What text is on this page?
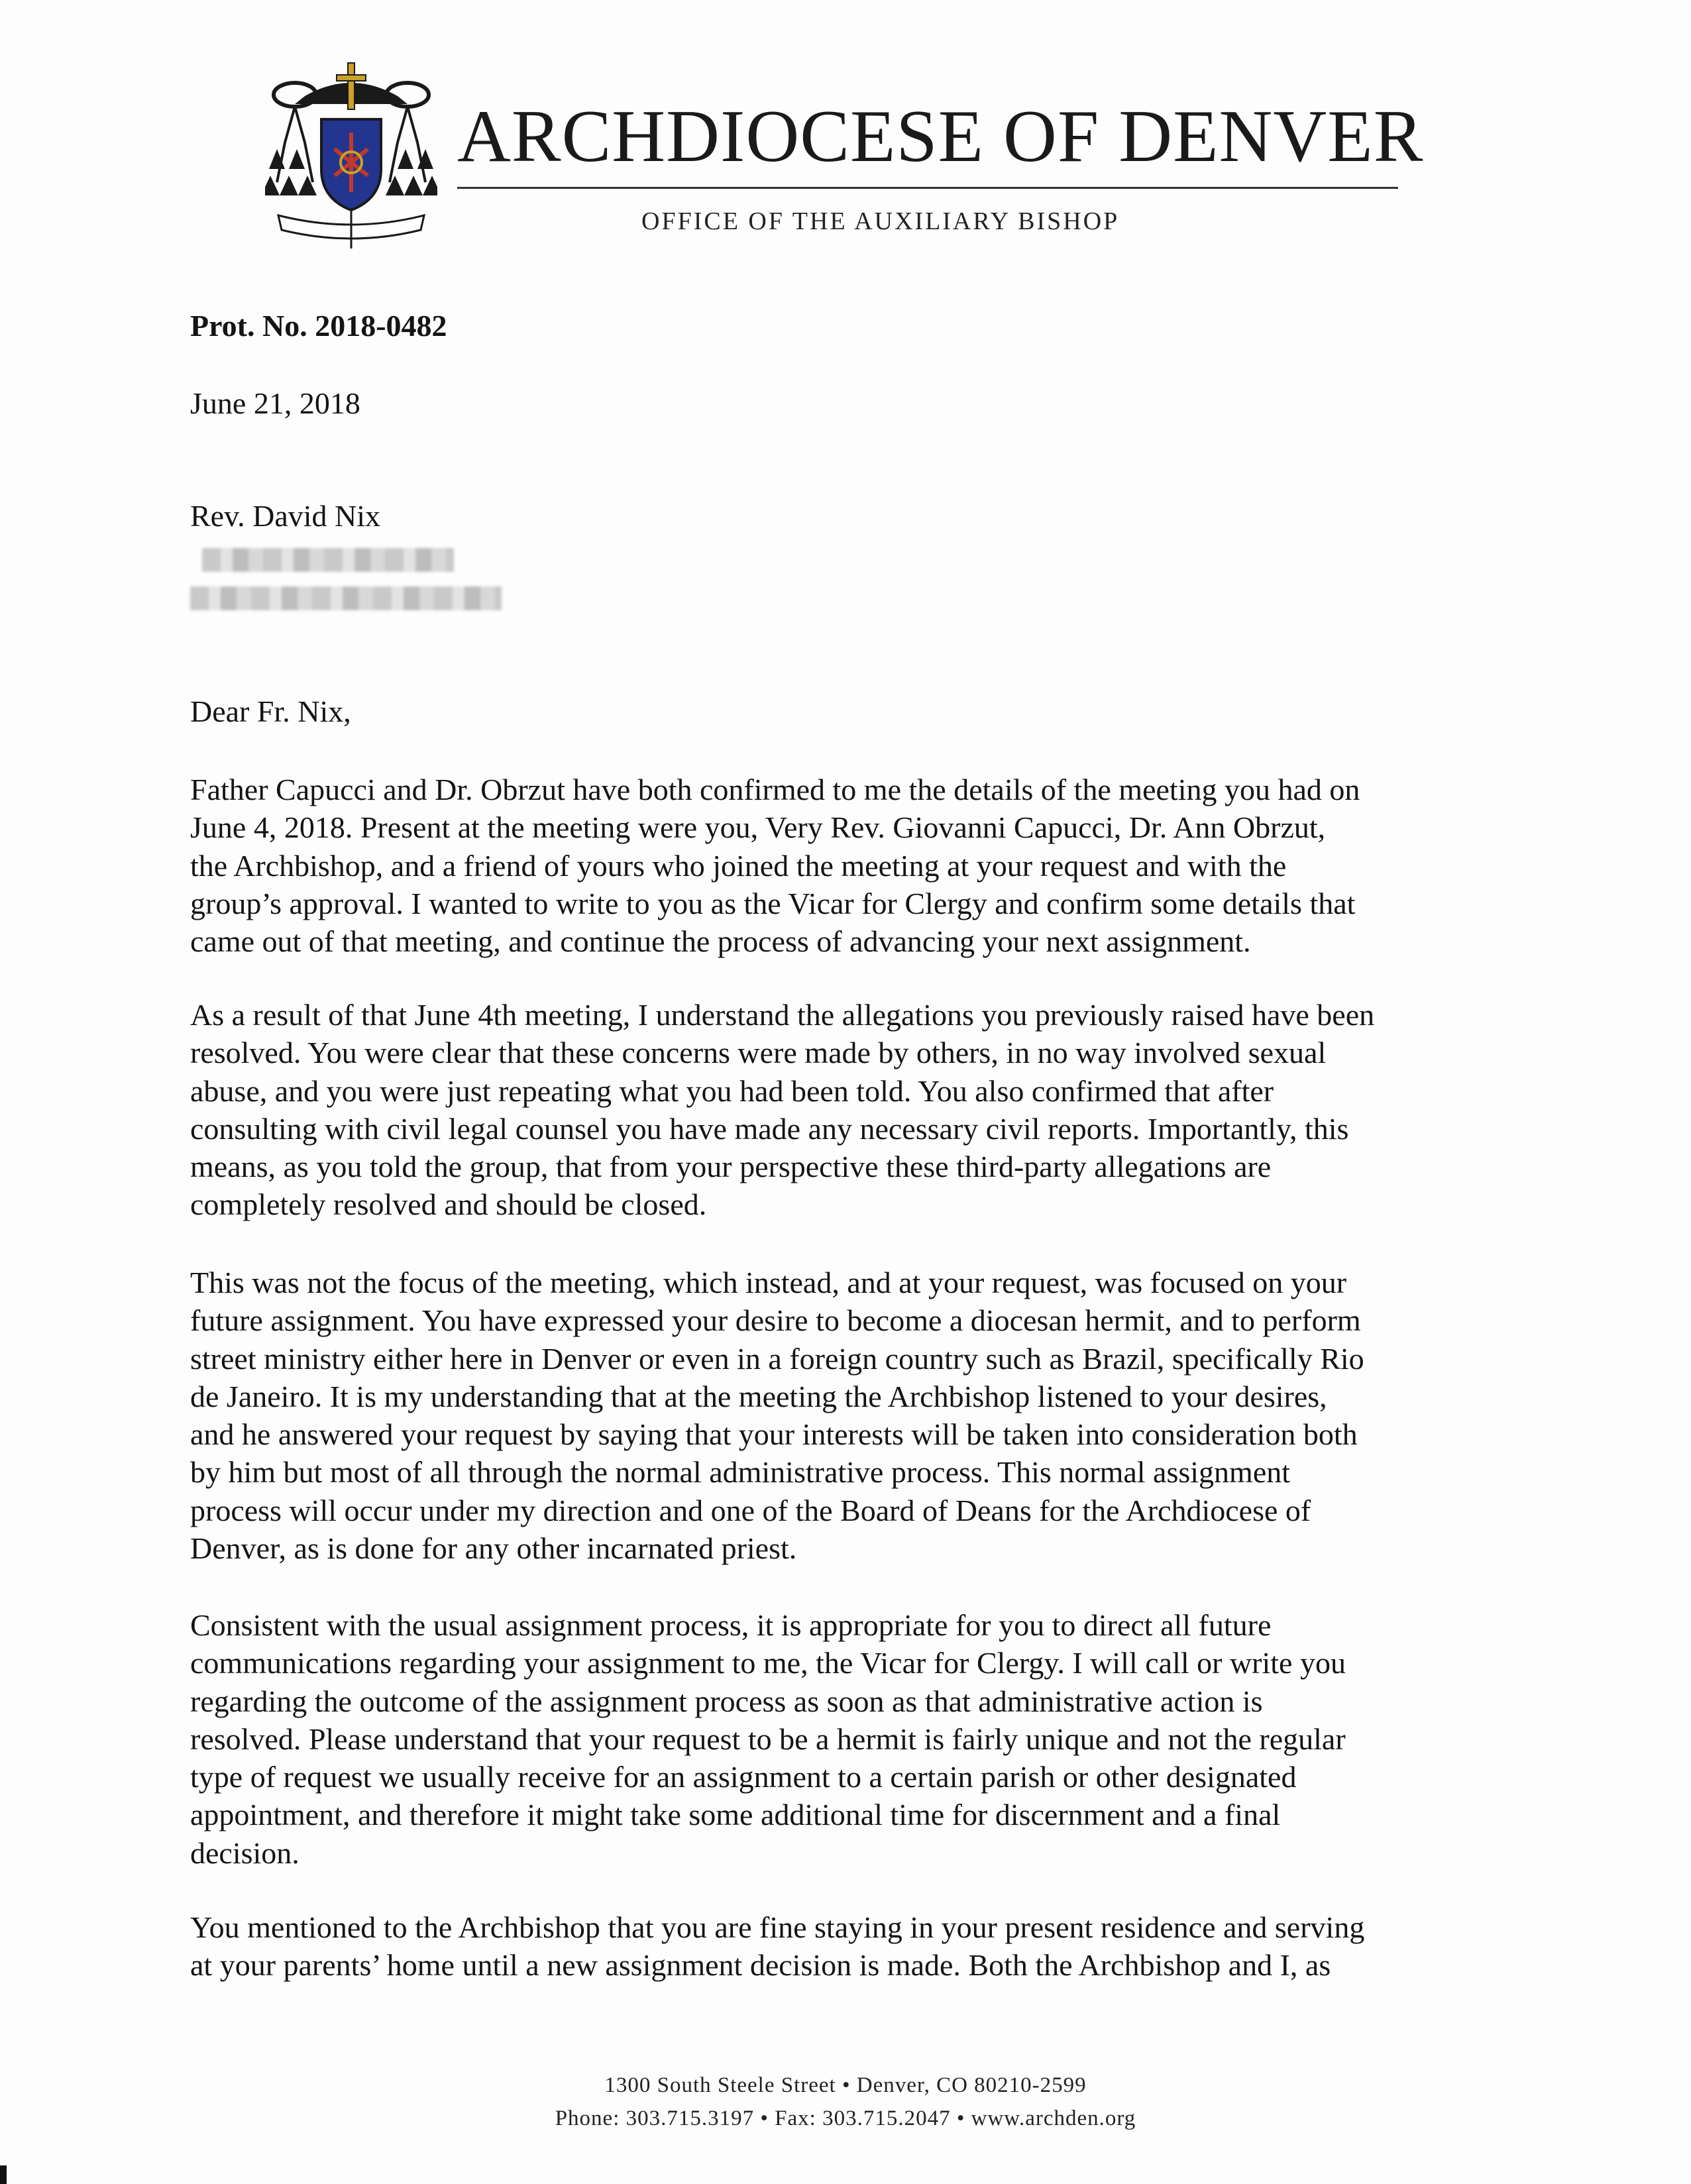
ARCHDIOCESE OF DENVER
OFFICE OF THE AUXILIARY BISHOP
Prot. No. 2018-0482
June 21, 2018
Rev. David Nix
Dear Fr. Nix,

Father Capucci and Dr. Obrzut have both confirmed to me the details of the meeting you had on
June 4, 2018. Present at the meeting were you, Very Rev. Giovanni Capucci, Dr. Ann Obrzut,
the Archbishop, and a friend of yours who joined the meeting at your request and with the
group’s approval. I wanted to write to you as the Vicar for Clergy and confirm some details that
came out of that meeting, and continue the process of advancing your next assignment.

As a result of that June 4th meeting, I understand the allegations you previously raised have been
resolved. You were clear that these concerns were made by others, in no way involved sexual
abuse, and you were just repeating what you had been told. You also confirmed that after
consulting with civil legal counsel you have made any necessary civil reports. Importantly, this
means, as you told the group, that from your perspective these third-party allegations are
completely resolved and should be closed.

This was not the focus of the meeting, which instead, and at your request, was focused on your
future assignment. You have expressed your desire to become a diocesan hermit, and to perform
street ministry either here in Denver or even in a foreign country such as Brazil, specifically Rio
de Janeiro. It is my understanding that at the meeting the Archbishop listened to your desires,
and he answered your request by saying that your interests will be taken into consideration both
by him but most of all through the normal administrative process. This normal assignment
process will occur under my direction and one of the Board of Deans for the Archdiocese of
Denver, as is done for any other incarnated priest.

Consistent with the usual assignment process, it is appropriate for you to direct all future
communications regarding your assignment to me, the Vicar for Clergy. I will call or write you
regarding the outcome of the assignment process as soon as that administrative action is
resolved. Please understand that your request to be a hermit is fairly unique and not the regular
type of request we usually receive for an assignment to a certain parish or other designated
appointment, and therefore it might take some additional time for discernment and a final
decision.

You mentioned to the Archbishop that you are fine staying in your present residence and serving
at your parents’ home until a new assignment decision is made. Both the Archbishop and I, as

1300 South Steele Street • Denver, CO 80210-2599
Phone: 303.715.3197 • Fax: 303.715.2047 • www.archden.org
